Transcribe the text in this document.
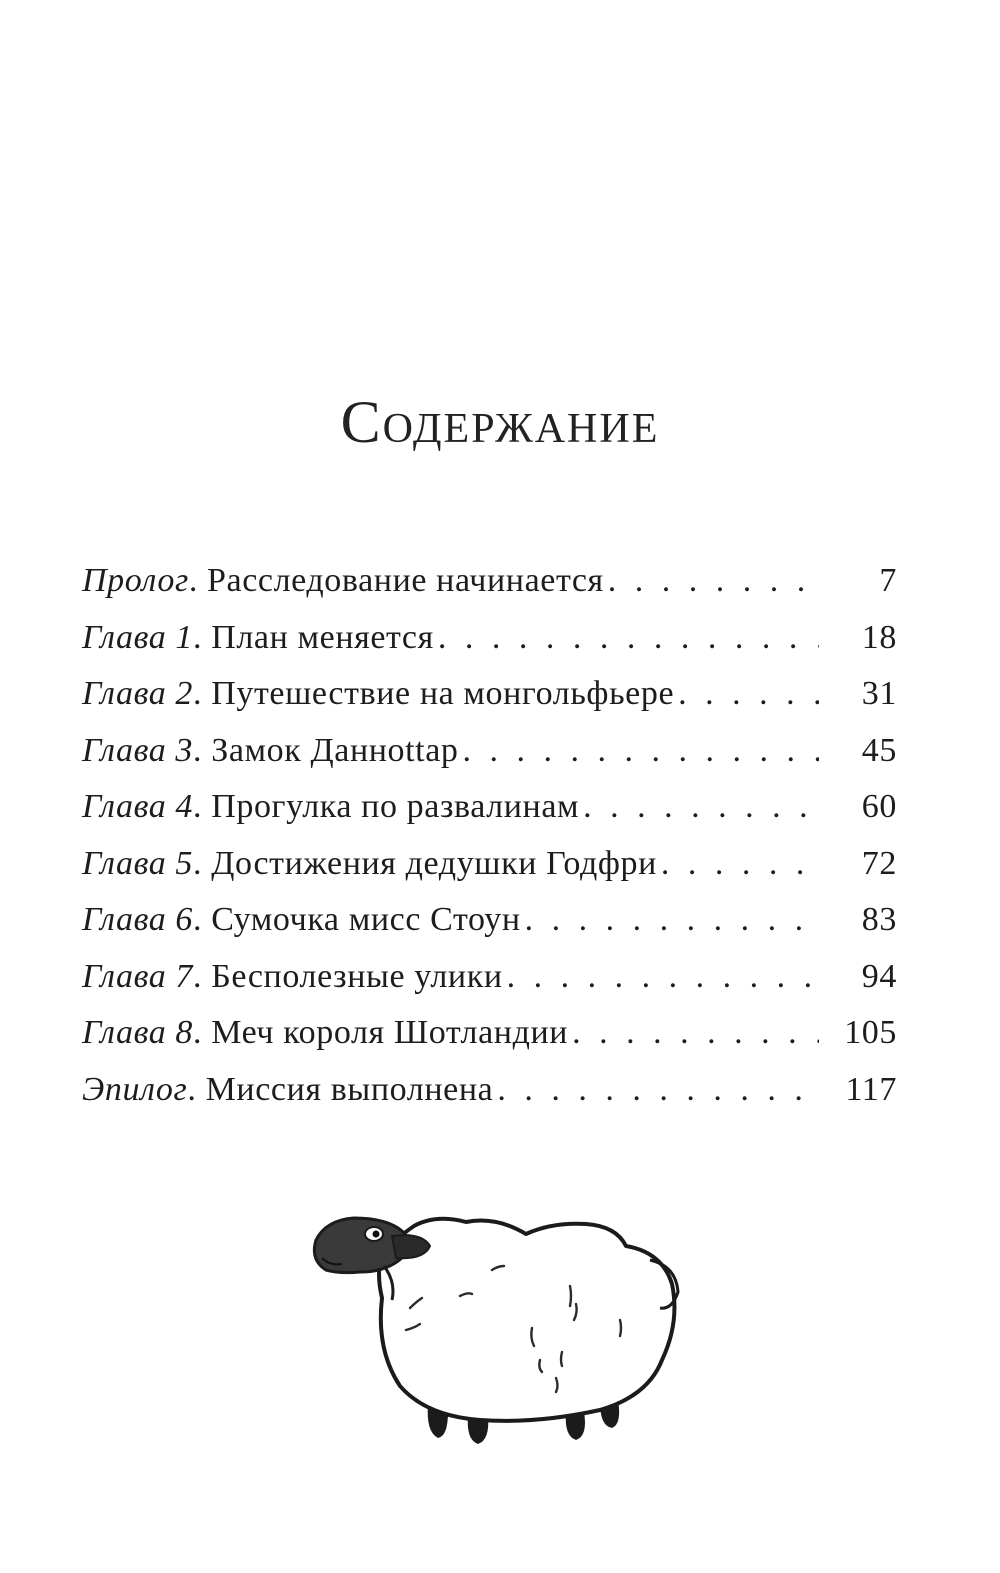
Содержание
Пролог . Расследование начинается . . .	7
Глава 1 . План меняется . . .	18
Глава 2 . Путешествие на монгольфьере . . .	31
Глава 3 . Замок Даннottар . . .	45
Глава 4 . Прогулка по развалинам . . .	60
Глава 5 . Достижения дедушки Годфри . . .	72
Глава 6 . Сумочка мисс Стоун . . .	83
Глава 7 . Бесполезные улики . . .	94
Глава 8 . Меч короля Шотландии . . .	105
Эпилог . Миссия выполнена . . .	117
